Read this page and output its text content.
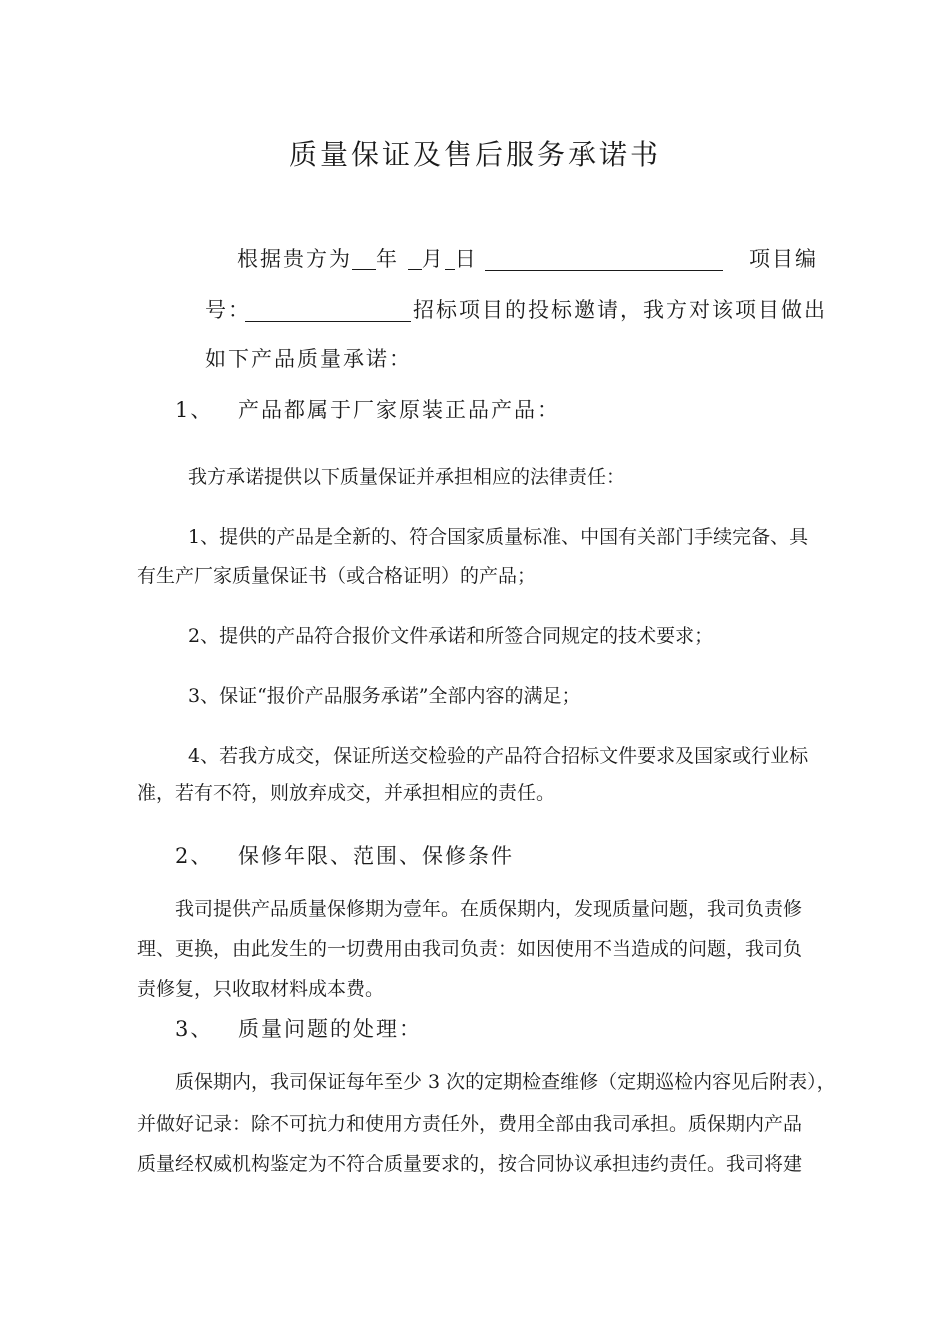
质量保证及售后服务承诺书
根据贵方为 年 月 日	项目编
号：	招标项目的投标邀请，我方对该项目做出
如下产品质量承诺：
1、 产品都属于厂家原装正品产品：
我方承诺提供以下质量保证并承担相应的法律责任：
1、提供的产品是全新的、符合国家质量标准、中国有关部门手续完备、具
有生产厂家质量保证书（或合格证明）的产品；
2、提供的产品符合报价文件承诺和所签合同规定的技术要求；
3、保证“报价产品服务承诺”全部内容的满足；
4、若我方成交，保证所送交检验的产品符合招标文件要求及国家或行业标
准，若有不符，则放弃成交，并承担相应的责任。
2、 保修年限、范围、保修条件
我司提供产品质量保修期为壹年。在质保期内，发现质量问题，我司负责修
理、更换，由此发生的一切费用由我司负责：如因使用不当造成的问题，我司负
责修复，只收取材料成本费。
3、 质量问题的处理：
质保期内，我司保证每年至少 3 次的定期检查维修（定期巡检内容见后附表），
并做好记录：除不可抗力和使用方责任外，费用全部由我司承担。质保期内产品
质量经权威机构鉴定为不符合质量要求的，按合同协议承担违约责任。我司将建
